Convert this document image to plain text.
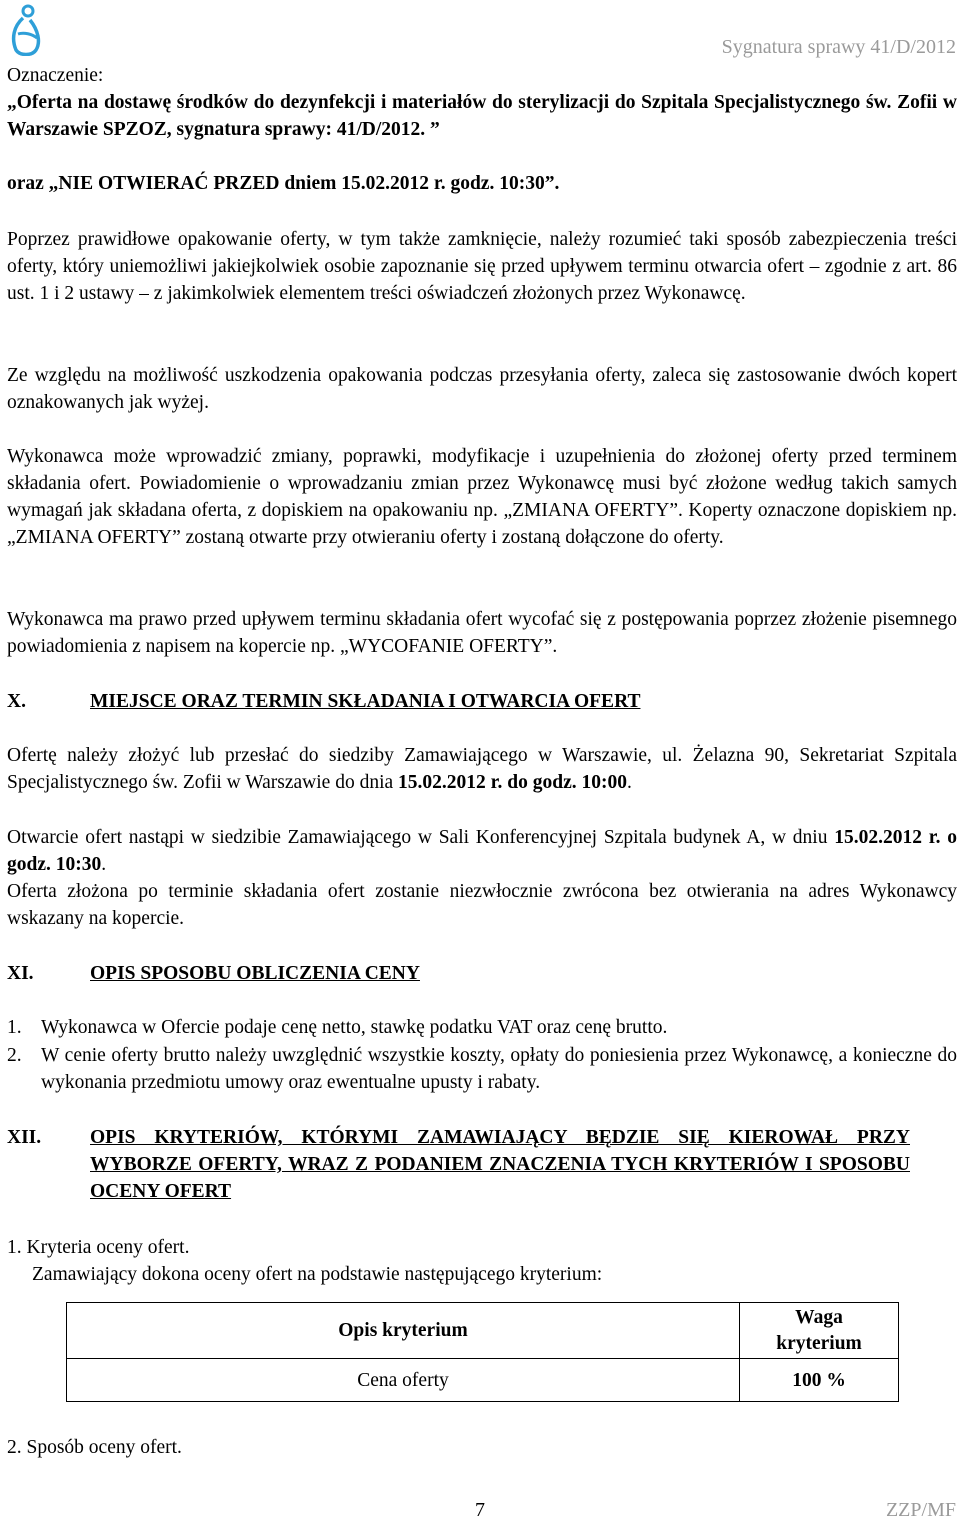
Sygnatura sprawy 41/D/2012
Oznaczenie:
„Oferta na dostawę środków do dezynfekcji i materiałów do sterylizacji do Szpitala Specjalistycznego św. Zofii w Warszawie SPZOZ, sygnatura sprawy: 41/D/2012. ”
oraz „NIE OTWIERAĆ PRZED dniem 15.02.2012 r. godz. 10:30”.
Poprzez prawidłowe opakowanie oferty, w tym także zamknięcie, należy rozumieć taki sposób zabezpieczenia treści oferty, który uniemożliwi jakiejkolwiek osobie zapoznanie się przed upływem terminu otwarcia ofert – zgodnie z art. 86 ust. 1 i 2 ustawy – z jakimkolwiek elementem treści oświadczeń złożonych przez Wykonawcę.
Ze względu na możliwość uszkodzenia opakowania podczas przesyłania oferty, zaleca się zastosowanie dwóch kopert oznakowanych jak wyżej.
Wykonawca może wprowadzić zmiany, poprawki, modyfikacje i uzupełnienia do złożonej oferty przed terminem składania ofert. Powiadomienie o wprowadzaniu zmian przez Wykonawcę musi być złożone według takich samych wymagań jak składana oferta, z dopiskiem na opakowaniu np. „ZMIANA OFERTY”. Koperty oznaczone dopiskiem np. „ZMIANA OFERTY” zostaną otwarte przy otwieraniu oferty i zostaną dołączone do oferty.
Wykonawca ma prawo przed upływem terminu składania ofert wycofać się z postępowania poprzez złożenie pisemnego powiadomienia z napisem na kopercie np. „WYCOFANIE OFERTY”.
X.	MIEJSCE ORAZ TERMIN SKŁADANIA I OTWARCIA OFERT
Ofertę należy złożyć lub przesłać do siedziby Zamawiającego w Warszawie, ul. Żelazna 90, Sekretariat Szpitala Specjalistycznego św. Zofii w Warszawie do dnia 15.02.2012 r. do godz. 10:00.
Otwarcie ofert nastąpi w siedzibie Zamawiającego w Sali Konferencyjnej Szpitala budynek A, w dniu 15.02.2012 r. o godz. 10:30.
Oferta złożona po terminie składania ofert zostanie niezwłocznie zwrócona bez otwierania na adres Wykonawcy wskazany na kopercie.
XI.	OPIS SPOSOBU OBLICZENIA CENY
1. Wykonawca w Ofercie podaje cenę netto, stawkę podatku VAT oraz cenę brutto.
2. W cenie oferty brutto należy uwzględnić wszystkie koszty, opłaty do poniesienia przez Wykonawcę, a konieczne do wykonania przedmiotu umowy oraz ewentualne upusty i rabaty.
XII.	OPIS KRYTERIÓW, KTÓRYMI ZAMAWIAJĄCY BĘDZIE SIĘ KIEROWAŁ PRZY WYBORZE OFERTY, WRAZ Z PODANIEM ZNACZENIA TYCH KRYTERIÓW I SPOSOBU OCENY OFERT
1. Kryteria oceny ofert.
Zamawiający dokona oceny ofert na podstawie następującego kryterium:
Opis kryterium	Waga kryterium
Cena oferty	100 %
2. Sposób oceny ofert.
7	ZZP/MF
